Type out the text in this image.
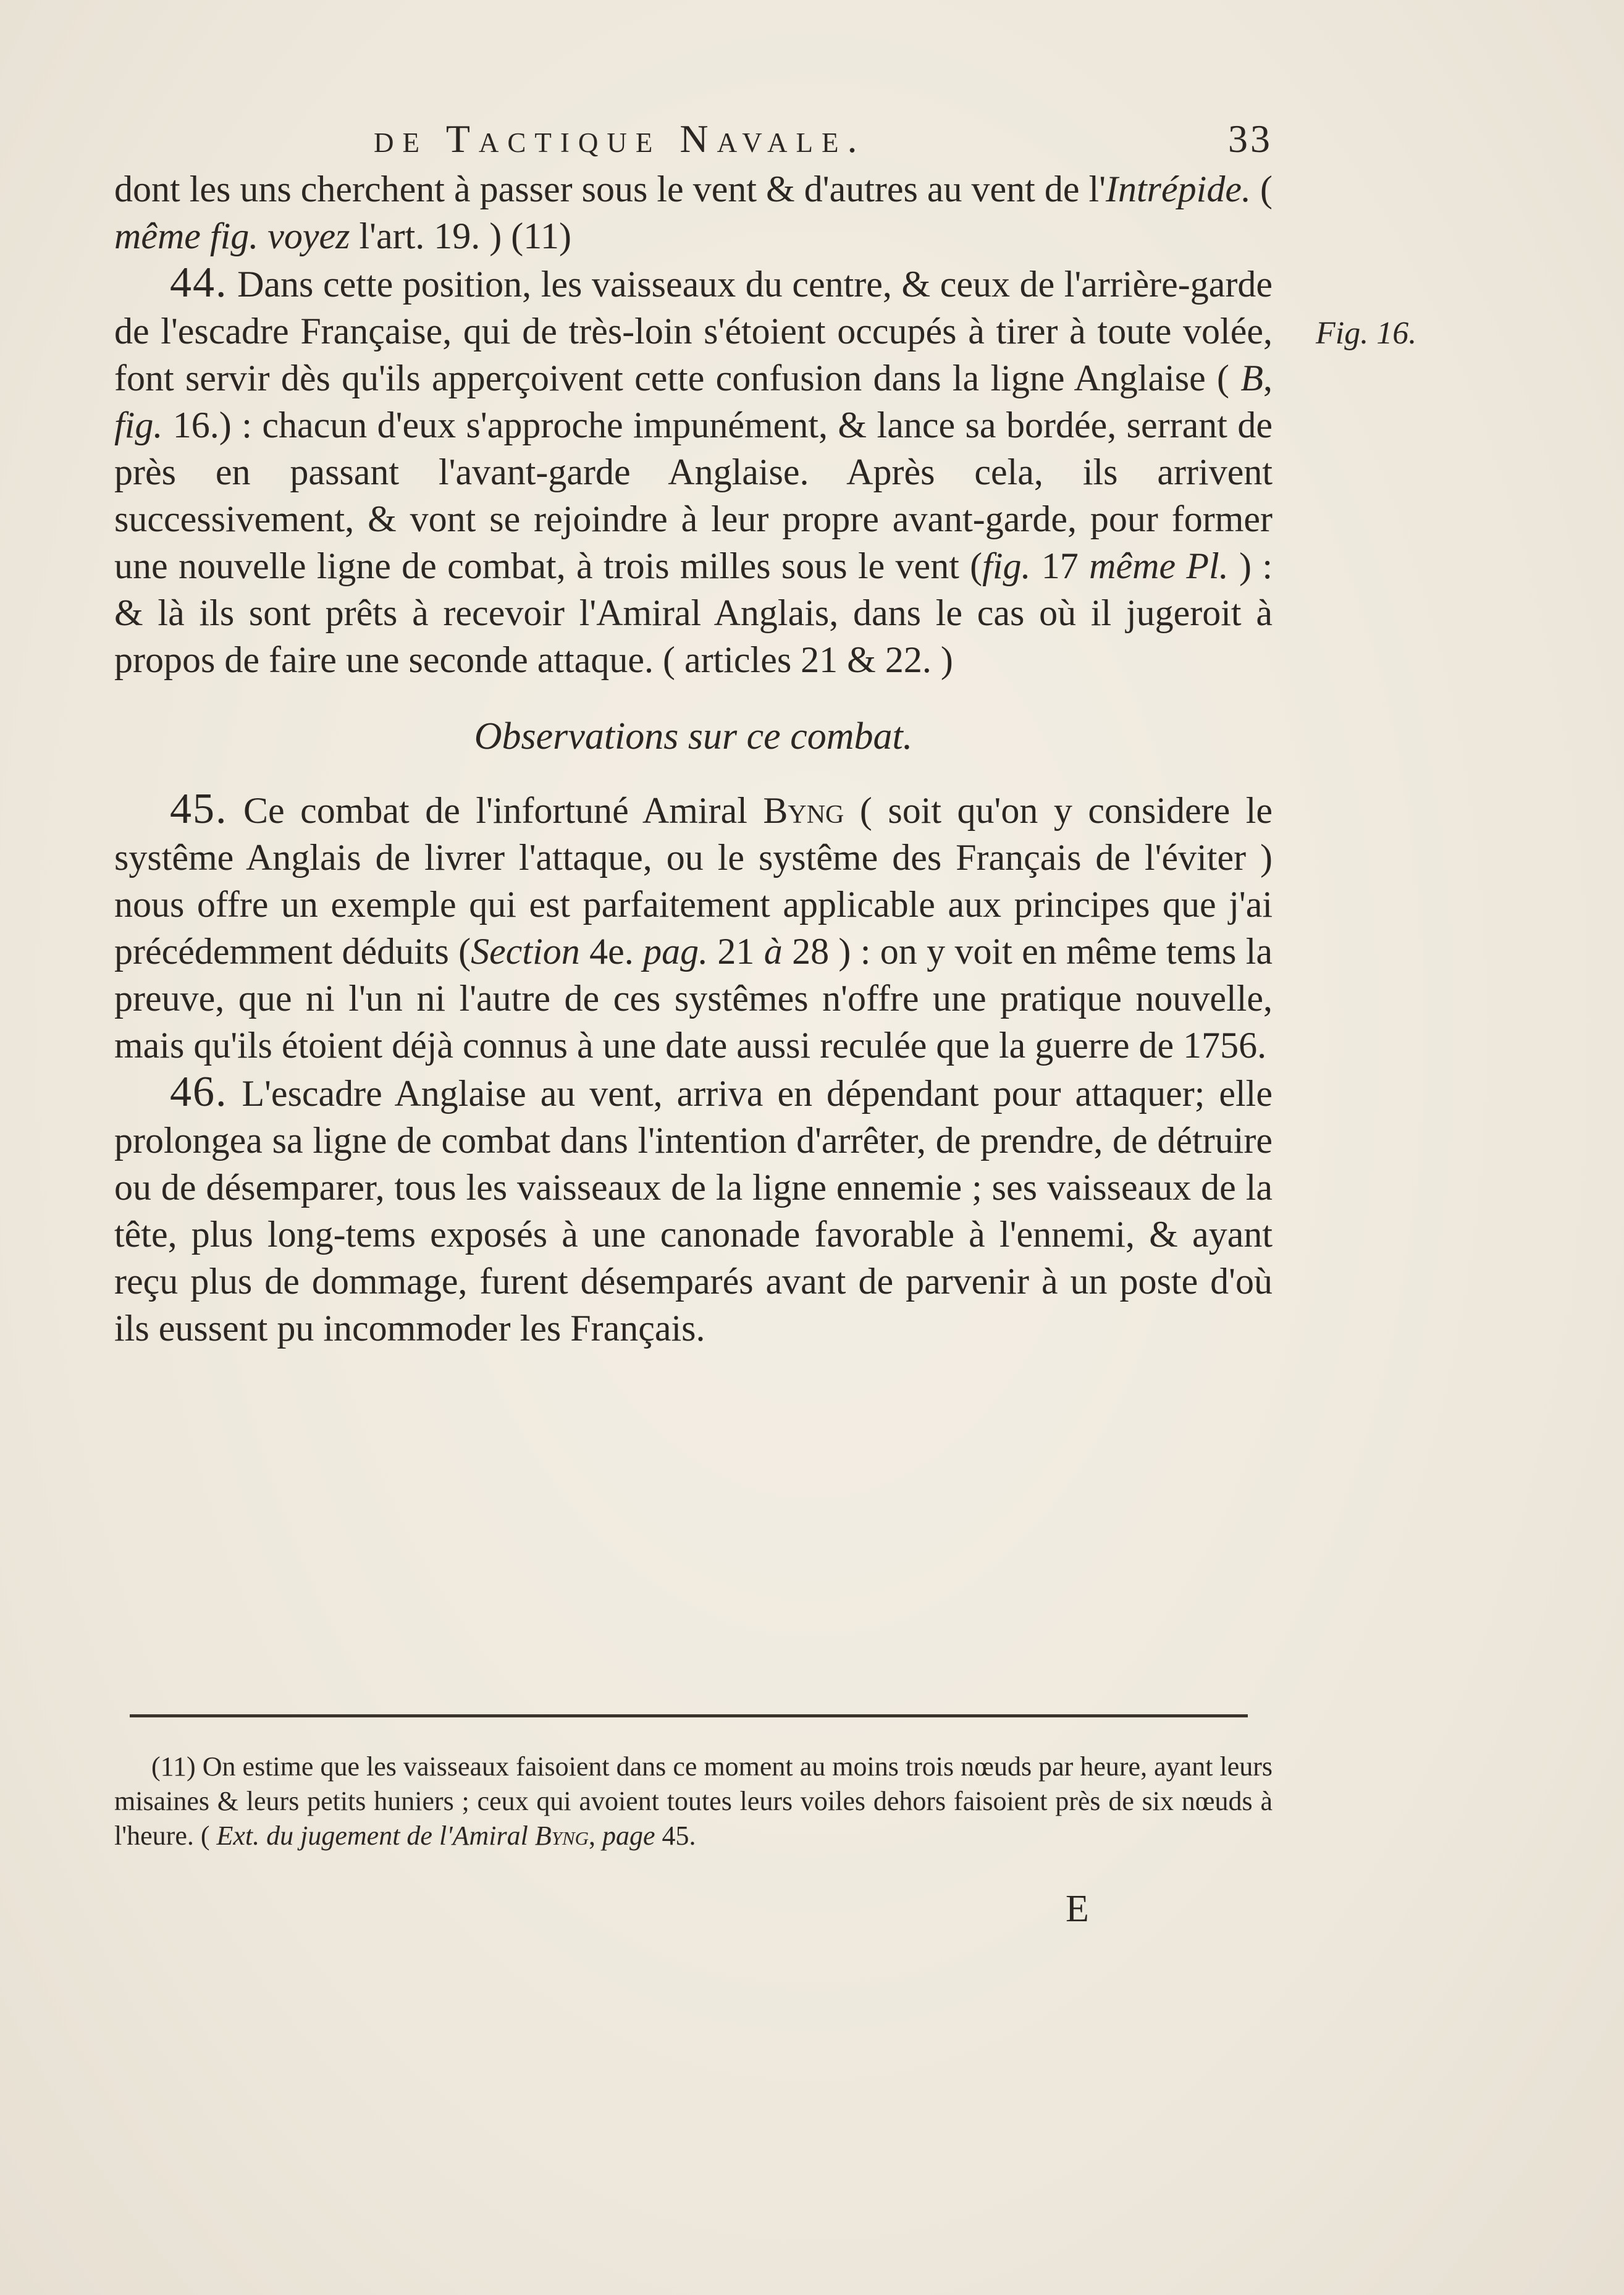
de Tactique Navale.	33
Fig. 16.

dont les uns cherchent à passer sous le vent & d'autres au vent de l'Intrépide. ( même fig. voyez l'art. 19. ) (11)

44. Dans cette position, les vaisseaux du centre, & ceux de l'arrière-garde de l'escadre Française, qui de très-loin s'étoient occupés à tirer à toute volée, font servir dès qu'ils apperçoivent cette confusion dans la ligne Anglaise ( B, fig. 16.) : chacun d'eux s'approche impunément, & lance sa bordée, serrant de près en passant l'avant-garde Anglaise. Après cela, ils arrivent successivement, & vont se rejoindre à leur propre avant-garde, pour former une nouvelle ligne de combat, à trois milles sous le vent (fig. 17 même Pl. ) : & là ils sont prêts à recevoir l'Amiral Anglais, dans le cas où il jugeroit à propos de faire une seconde attaque. ( articles 21 & 22. )

Observations sur ce combat.

45. Ce combat de l'infortuné Amiral Byng ( soit qu'on y considere le systême Anglais de livrer l'attaque, ou le systême des Français de l'éviter ) nous offre un exemple qui est parfaitement applicable aux principes que j'ai précédemment déduits (Section 4e. pag. 21 à 28 ) : on y voit en même tems la preuve, que ni l'un ni l'autre de ces systêmes n'offre une pratique nouvelle, mais qu'ils étoient déjà connus à une date aussi reculée que la guerre de 1756.

46. L'escadre Anglaise au vent, arriva en dépendant pour attaquer; elle prolongea sa ligne de combat dans l'intention d'arrêter, de prendre, de détruire ou de désemparer, tous les vaisseaux de la ligne ennemie ; ses vaisseaux de la tête, plus long-tems exposés à une canonade favorable à l'ennemi, & ayant reçu plus de dommage, furent désemparés avant de parvenir à un poste d'où ils eussent pu incommoder les Français.

(11) On estime que les vaisseaux faisoient dans ce moment au moins trois nœuds par heure, ayant leurs misaines & leurs petits huniers ; ceux qui avoient toutes leurs voiles dehors faisoient près de six nœuds à l'heure. ( Ext. du jugement de l'Amiral Byng, page 45.

E
